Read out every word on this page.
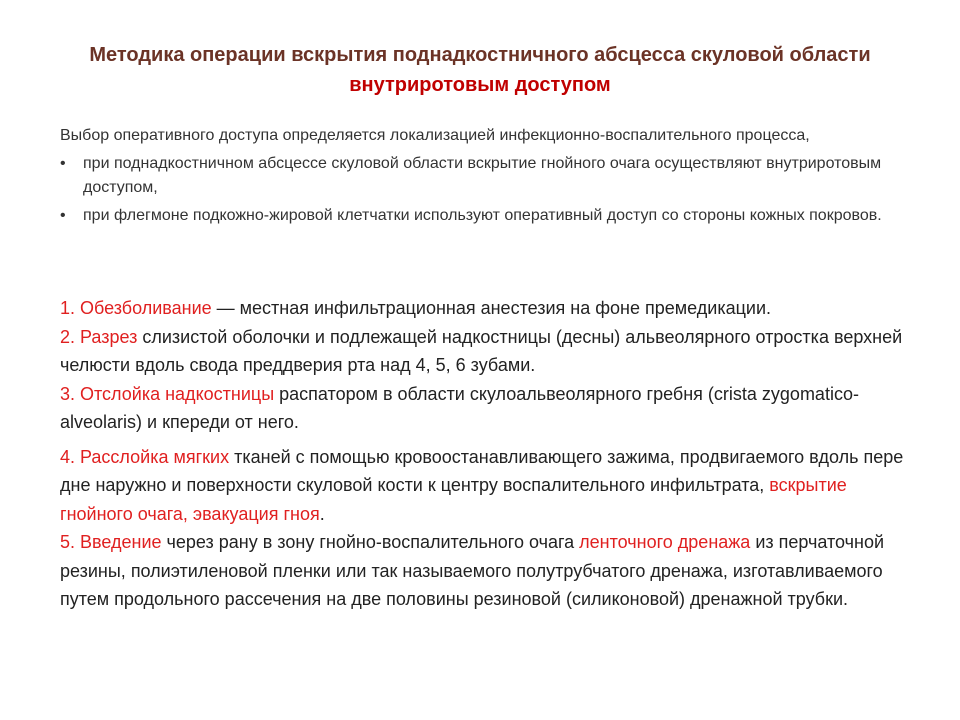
Методика операции вскрытия поднадкостничного абсцесса скуловой области внутриротовым доступом

Выбор оперативного доступа определяется локализацией инфекционно-воспалительного процесса,

• при поднадкостничном абсцессе скуловой области вскрытие гнойного очага осуществляют внутриротовым доступом,
• при флегмоне подкожно-жировой клетчатки используют оперативный доступ со стороны кожных покровов.

1. Обезболивание — местная инфильтрационная анестезия на фоне премедикации.

2. Разрез слизистой оболочки и подлежащей надкостницы (десны) альвеолярного отростка верхней челюсти вдоль свода преддверия рта над 4, 5, 6 зубами.

3. Отслойка надкостницы распатором в области скулоальвеолярного гребня (crista zygomatico-alveolaris) и кпереди от него.

4. Расслойка мягких тканей с помощью кровоостанавливающего зажима, продвигаемого вдоль пере дне наружно и поверхности скуловой кости к центру воспалительного инфильтрата, вскрытие гнойного очага, эвакуация гноя.

5. Введение через рану в зону гнойно-воспалительного очага ленточного дренажа из перчаточной резины, полиэтиленовой пленки или так называемого полутрубчатого дренажа, изготавливаемого путем продольного рассечения на две половины резиновой (силиконовой) дренажной трубки.
